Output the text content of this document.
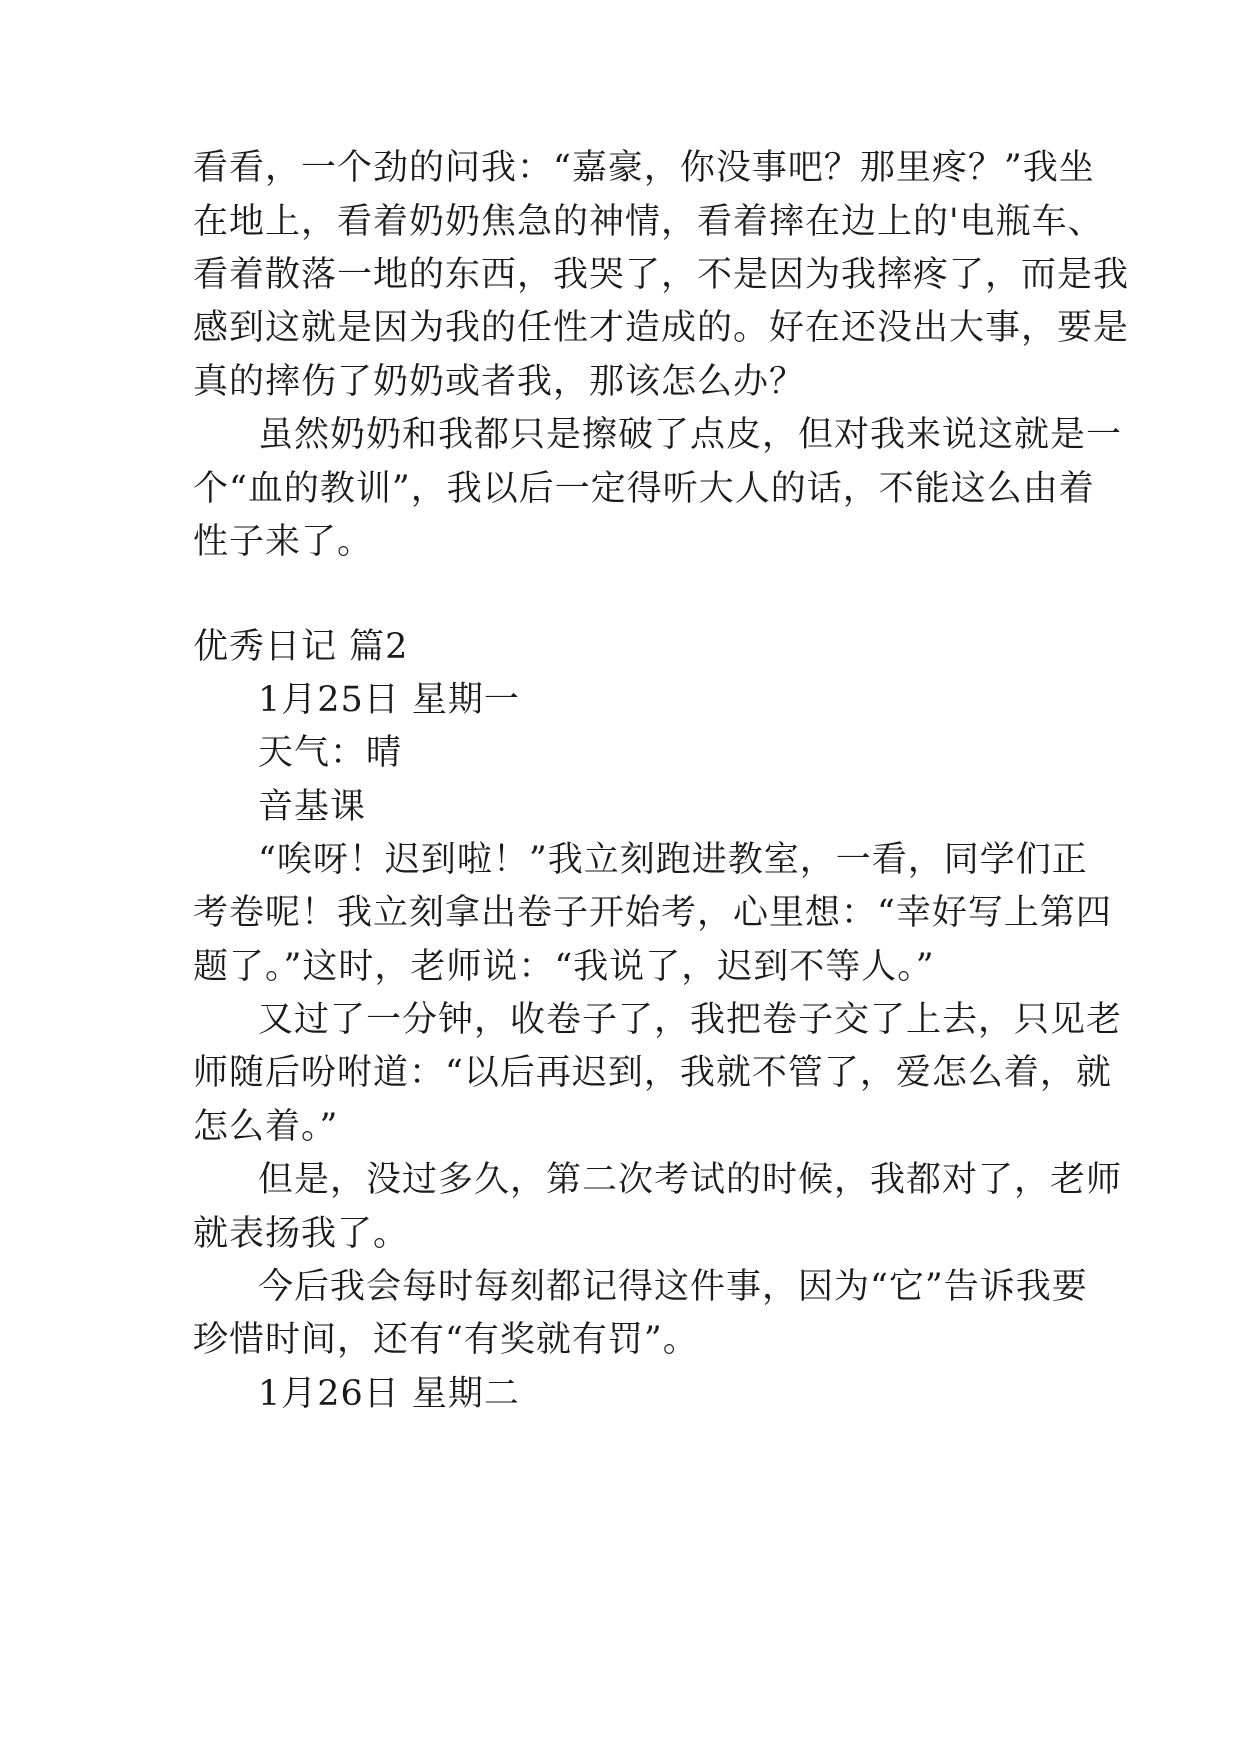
看看，一个劲的问我：“嘉豪，你没事吧？那里疼？”我坐
在地上，看着奶奶焦急的神情，看着摔在边上的'电瓶车、
看着散落一地的东西，我哭了，不是因为我摔疼了，而是我
感到这就是因为我的任性才造成的。好在还没出大事，要是
真的摔伤了奶奶或者我，那该怎么办？
虽然奶奶和我都只是擦破了点皮，但对我来说这就是一
个“血的教训”，我以后一定得听大人的话，不能这么由着
性子来了。
优秀日记 篇2
1月25日 星期一
天气：晴
音基课
“唉呀！迟到啦！”我立刻跑进教室，一看，同学们正
考卷呢！我立刻拿出卷子开始考，心里想：“幸好写上第四
题了。”这时，老师说：“我说了，迟到不等人。”
又过了一分钟，收卷子了，我把卷子交了上去，只见老
师随后吩咐道：“以后再迟到，我就不管了，爱怎么着，就
怎么着。”
但是，没过多久，第二次考试的时候，我都对了，老师
就表扬我了。
今后我会每时每刻都记得这件事，因为“它”告诉我要
珍惜时间，还有“有奖就有罚”。
1月26日 星期二
